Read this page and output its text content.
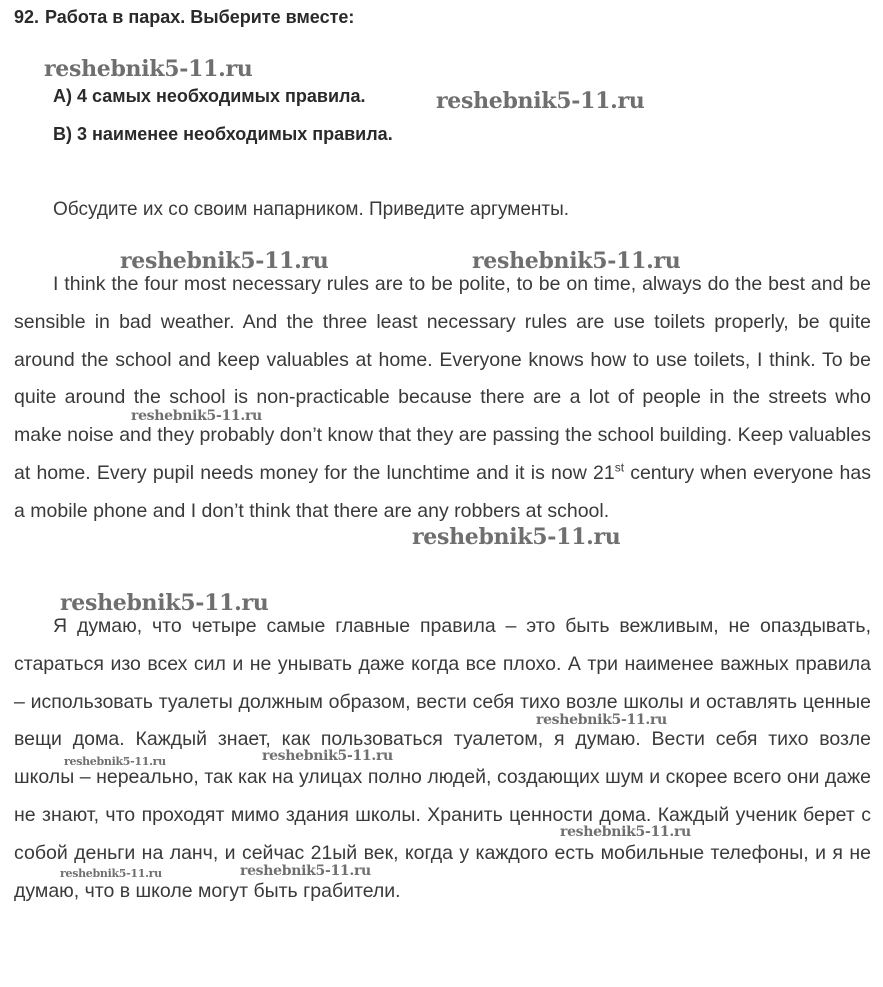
92. Работа в парах. Выберите вместе:
А) 4 самых необходимых правила.
B) 3 наименее необходимых правила.
Обсудите их со своим напарником. Приведите аргументы.

I think the four most necessary rules are to be polite, to be on time, always do the best and be sensible in bad weather. And the three least necessary rules are use toilets properly, be quite around the school and keep valuables at home. Everyone knows how to use toilets, I think. To be quite around the school is non-practicable because there are a lot of people in the streets who make noise and they probably don’t know that they are passing the school building. Keep valuables at home. Every pupil needs money for the lunchtime and it is now 21st century when everyone has a mobile phone and I don’t think that there are any robbers at school.

Я думаю, что четыре самые главные правила – это быть вежливым, не опаздывать, стараться изо всех сил и не унывать даже когда все плохо. А три наименее важных правила – использовать туалеты должным образом, вести себя тихо возле школы и оставлять ценные вещи дома. Каждый знает, как пользоваться туалетом, я думаю. Вести себя тихо возле школы – нереально, так как на улицах полно людей, создающих шум и скорее всего они даже не знают, что проходят мимо здания школы. Хранить ценности дома. Каждый ученик берет с собой деньги на ланч, и сейчас 21ый век, когда у каждого есть мобильные телефоны, и я не думаю, что в школе могут быть грабители.

reshebnik5-11.ru
reshebnik5-11.ru
reshebnik5-11.ru	reshebnik5-11.ru
reshebnik5-11.ru
reshebnik5-11.ru
reshebnik5-11.ru
reshebnik5-11.ru
reshebnik5-11.ru	reshebnik5-11.ru
reshebnik5-11.ru
reshebnik5-11.ru	reshebnik5-11.ru
